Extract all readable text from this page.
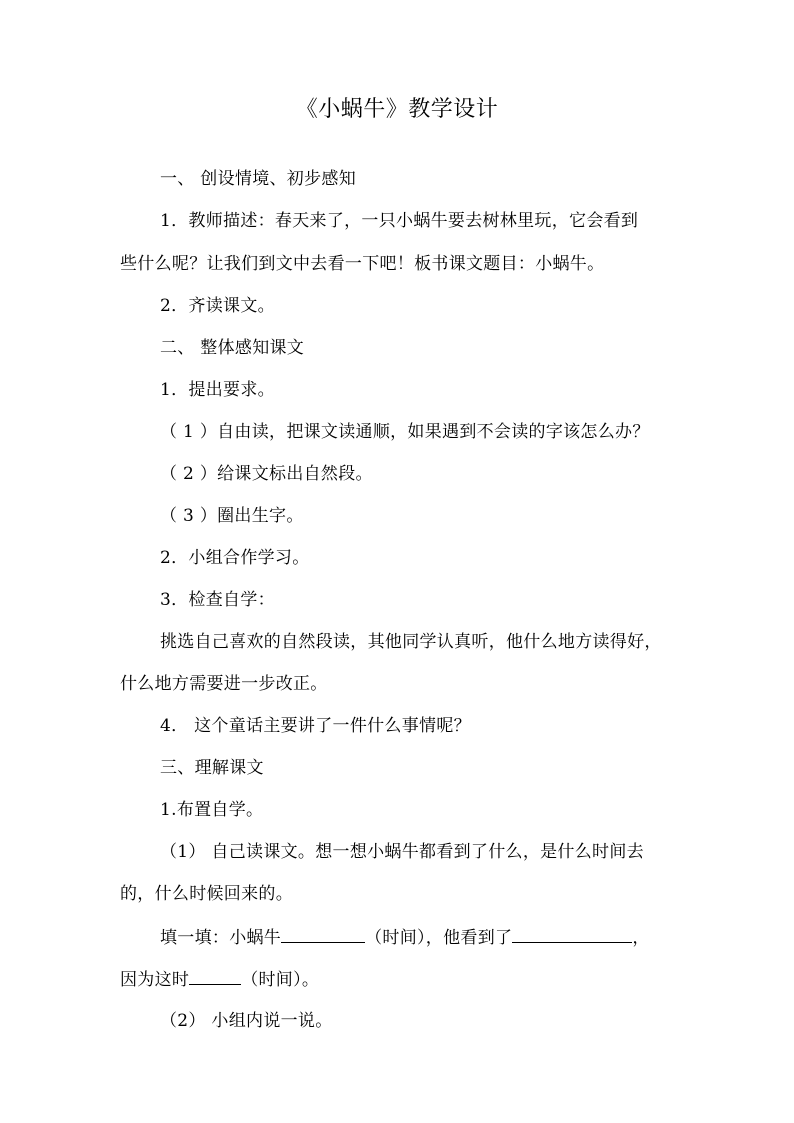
《小蜗牛》教学设计
一、 创设情境、初步感知
1．教师描述：春天来了，一只小蜗牛要去树林里玩，它会看到
些什么呢？让我们到文中去看一下吧！板书课文题目：小蜗牛。
2．齐读课文。
二、 整体感知课文
1．提出要求。
（ 1 ）自由读，把课文读通顺，如果遇到不会读的字该怎么办？
（ 2 ）给课文标出自然段。
（ 3 ）圈出生字。
2．小组合作学习。
3．检查自学：
挑选自己喜欢的自然段读，其他同学认真听，他什么地方读得好，
什么地方需要进一步改正。
4． 这个童话主要讲了一件什么事情呢？
三、理解课文
1.布置自学。
（1） 自己读课文。想一想小蜗牛都看到了什么，是什么时间去
的，什么时候回来的。
填一填：小蜗牛	（时间），他看到了	，
因为这时	（时间）。
（2） 小组内说一说。
